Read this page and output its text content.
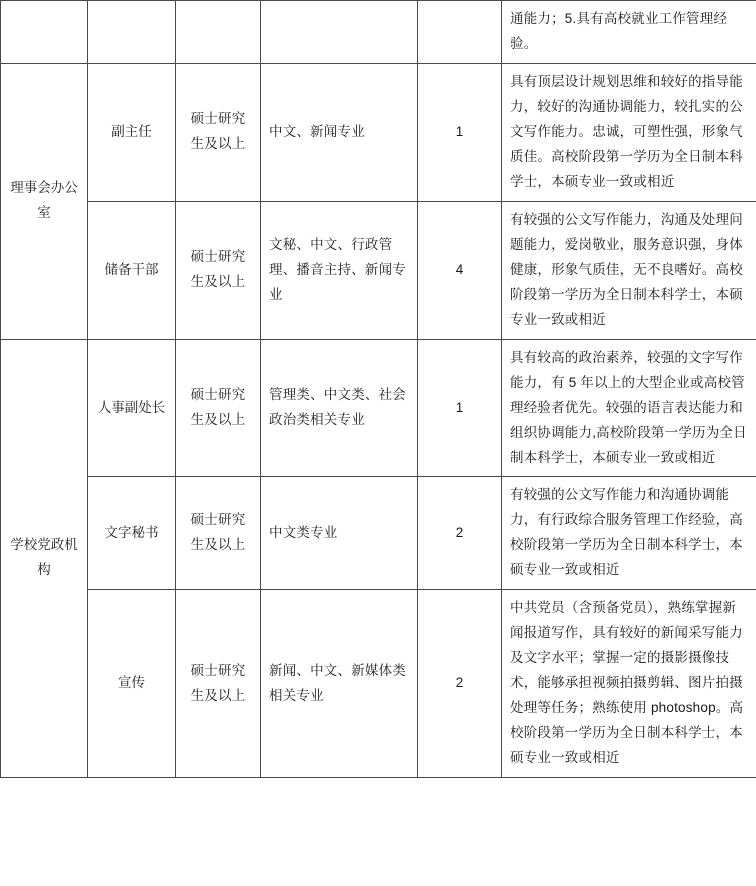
					通能力；5.具有高校就业工作管理经验。
理事会办公室	副主任	硕士研究生及以上	中文、新闻专业	1	具有顶层设计规划思维和较好的指导能力，较好的沟通协调能力，较扎实的公文写作能力。忠诚，可塑性强，形象气质佳。高校阶段第一学历为全日制本科学士，本硕专业一致或相近
	储备干部	硕士研究生及以上	文秘、中文、行政管理、播音主持、新闻专业	4	有较强的公文写作能力，沟通及处理问题能力，爱岗敬业，服务意识强，身体健康，形象气质佳，无不良嗜好。高校阶段第一学历为全日制本科学士，本硕专业一致或相近
学校党政机构	人事副处长	硕士研究生及以上	管理类、中文类、社会政治类相关专业	1	具有较高的政治素养，较强的文字写作能力，有 5 年以上的大型企业或高校管理经验者优先。较强的语言表达能力和组织协调能力,高校阶段第一学历为全日制本科学士，本硕专业一致或相近
	文字秘书	硕士研究生及以上	中文类专业	2	有较强的公文写作能力和沟通协调能力，有行政综合服务管理工作经验，高校阶段第一学历为全日制本科学士，本硕专业一致或相近
	宣传	硕士研究生及以上	新闻、中文、新媒体类相关专业	2	中共党员（含预备党员），熟练掌握新闻报道写作，具有较好的新闻采写能力及文字水平；掌握一定的摄影摄像技术，能够承担视频拍摄剪辑、图片拍摄处理等任务；熟练使用 photoshop。高校阶段第一学历为全日制本科学士，本硕专业一致或相近
